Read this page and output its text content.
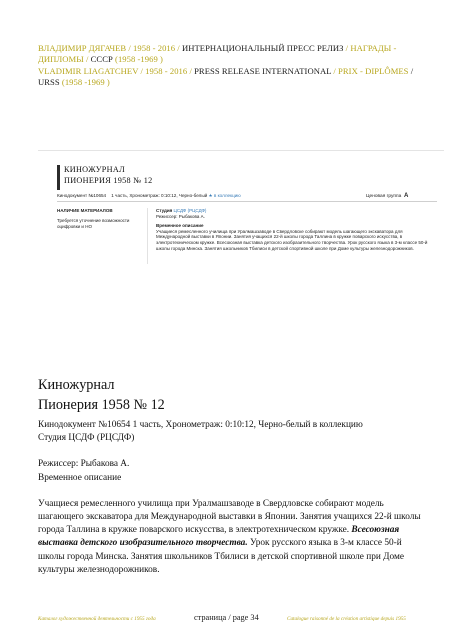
ВЛАДИМИР ДЯГАЧЕВ / 1958 - 2016 / ИНТЕРНАЦИОНАЛЬНЫЙ ПРЕСС РЕЛИЗ / НАГРАДЫ -
ДИПЛОМЫ / СССР (1958 -1969 )
VLADIMIR LIAGATCHEV / 1958 - 2016 / PRESS RELEASE INTERNATIONAL / PRIX - DIPLÔMES /
URSS (1958 -1969 )
КИНОЖУРНАЛ
ПИОНЕРИЯ 1958 № 12
Кинодокумент №10654 1 часть, Хронометраж: 0:10:12, Черно-белый ★ в коллекцию	Ценовая группа A
НАЛИЧИЕ МАТЕРИАЛОВ
Требуется уточнение возможности оцифровки и НО
Студия ЦСДФ (РЦСДФ)
Режиссер: Рыбакова А.
Временное описание
Учащиеся ремесленного училища при Уралмашзаводе в Свердловске собирают модель шагающего экскаватора для Международной выставки в Японии. Занятия учащихся 22-й школы города Таллина в кружке поварского искусства, в электротехническом кружке. Всесоюзная выставка детского изобразительного творчества. Урок русского языка в 3-м классе 50-й школы города Минска. Занятия школьников Тбилиси в детской спортивной школе при Доме культуры железнодорожников.
Киножурнал
Пионерия 1958 № 12

Кинодокумент №10654 1 часть, Хронометраж: 0:10:12, Черно-белый в коллекцию

Студия ЦСДФ (РЦСДФ)

Режиссер: Рыбакова А.

Временное описание

Учащиеся ремесленного училища при Уралмашзаводе в Свердловске собирают модель шагающего экскаватора для Международной выставки в Японии. Занятия учащихся 22-й школы города Таллина в кружке поварского искусства, в электротехническом кружке. Всесоюзная выставка детского изобразительного творчества. Урок русского языка в 3-м классе 50-й школы города Минска. Занятия школьников Тбилиси в детской спортивной школе при Доме культуры железнодорожников.

Каталог художественной деятельности с 1955 года	страница / page 34	Catalogue raisonné de la création artistique depuis 1955
